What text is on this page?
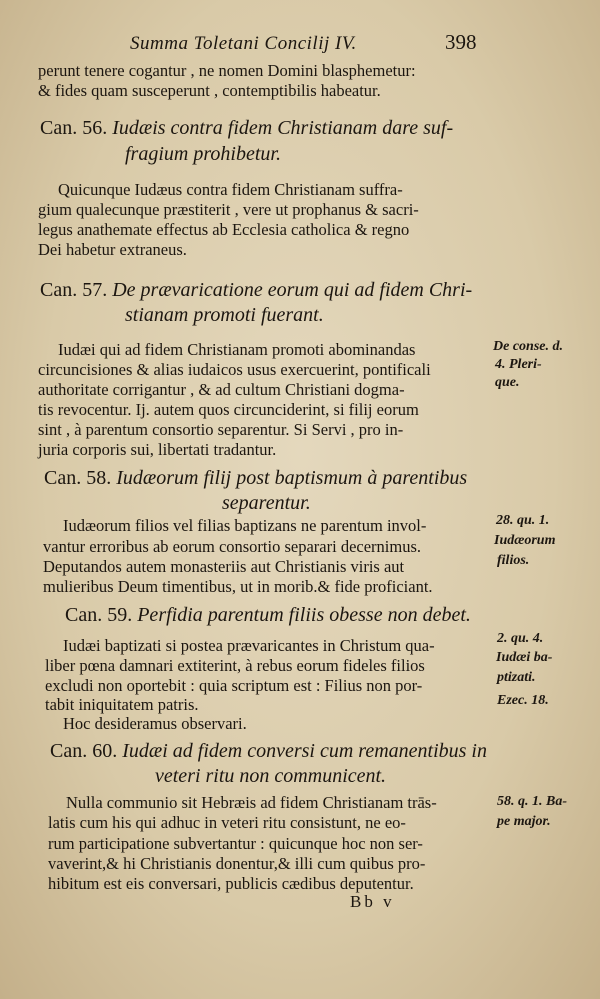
Summa Toletani Concilij IV.	398
perunt tenere cogantur , ne nomen Domini blasphemetur:
& fides quam susceperunt , contemptibilis habeatur.
Can. 56. Iudæis contra fidem Christianam dare suf-
fragium prohibetur.
Quicunque Iudæus contra fidem Christianam suffra-
gium qualecunque præstiterit , vere ut prophanus & sacri-
legus anathemate effectus ab Ecclesia catholica & regno
Dei habetur extraneus.
Can. 57. De prævaricatione eorum qui ad fidem Chri-
stianam promoti fuerant.
Iudæi qui ad fidem Christianam promoti abominandas
circuncisiones & alias iudaicos usus exercuerint, pontificali
authoritate corrigantur , & ad cultum Christiani dogma-
tis revocentur. Ij. autem quos circunciderint, si filij eorum
sint , à parentum consortio separentur. Si Servi , pro in-
juria corporis sui, libertati tradantur.
De conse. d.
4. Pleri-
que.
Can. 58. Iudæorum filij post baptismum à parentibus
separentur.
Iudæorum filios vel filias baptizans ne parentum invol-
vantur erroribus ab eorum consortio separari decernimus.
Deputandos autem monasteriis aut Christianis viris aut
mulieribus Deum timentibus, ut in morib.& fide proficiant.
28. qu. 1.
Iudæorum
filios.
Can. 59. Perfidia parentum filiis obesse non debet.
Iudæi baptizati si postea prævaricantes in Christum qua-
liber pœna damnari extiterint, à rebus eorum fideles filios
excludi non oportebit : quia scriptum est : Filius non por-
tabit iniquitatem patris.
Hoc desideramus observari.
2. qu. 4.
Iudæi ba-
ptizati.
Ezec. 18.
Can. 60. Iudæi ad fidem conversi cum remanentibus in
veteri ritu non communicent.
Nulla communio sit Hebræis ad fidem Christianam trās-
latis cum his qui adhuc in veteri ritu consistunt, ne eo-
rum participatione subvertantur : quicunque hoc non ser-
vaverint,& hi Christianis donentur,& illi cum quibus pro-
hibitum est eis conversari, publicis cædibus deputentur.
58. q. 1. Ba-
pe major.
Bb v
